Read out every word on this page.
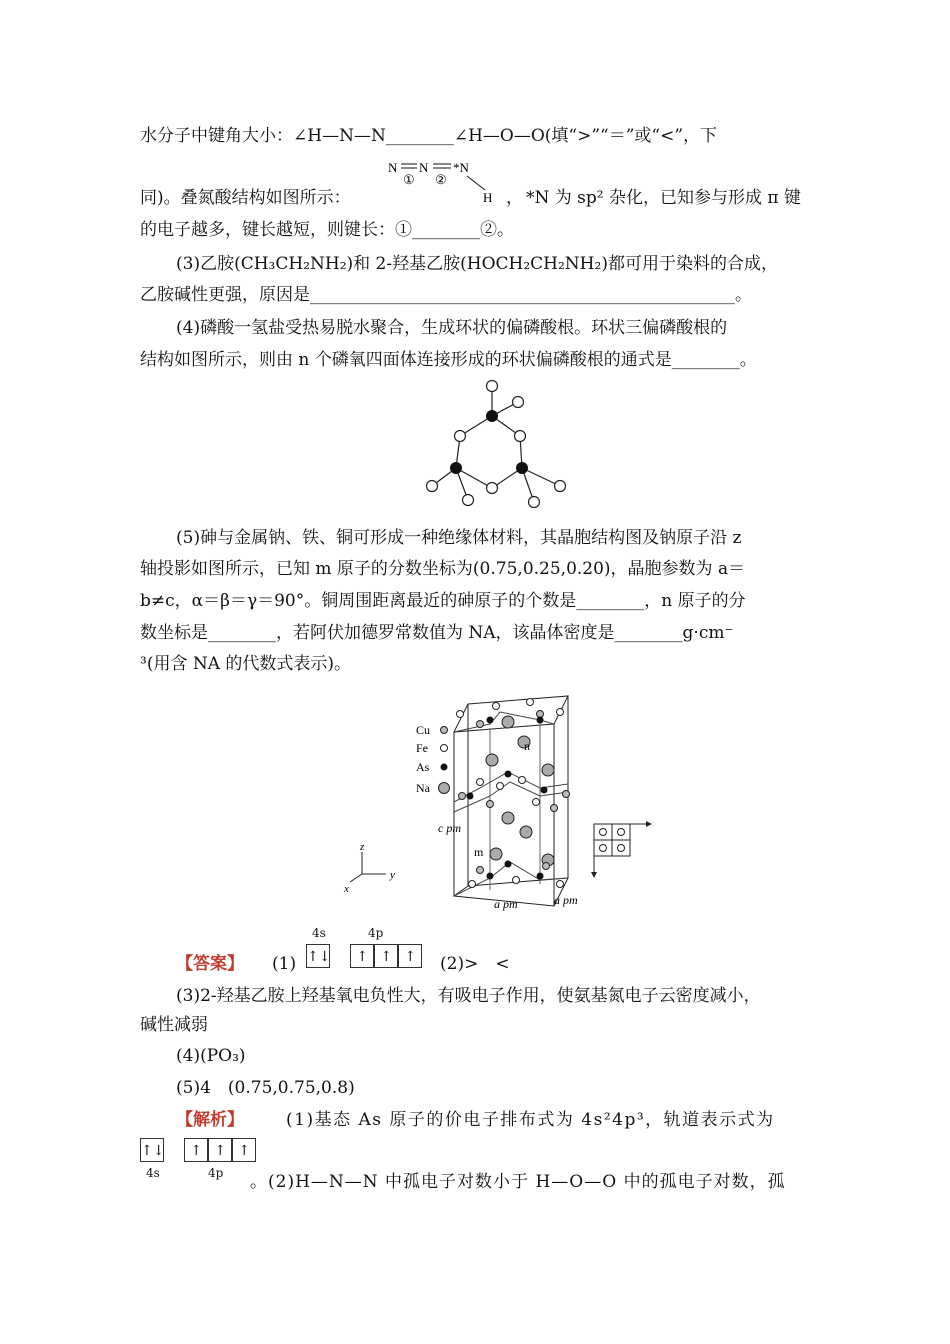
水分子中键角大小：∠H—N—N________∠H—O—O(填“>”“＝”或“<”，下
N
①
N
②
*N
H
同)。叠氮酸结构如图所示：	， *N 为 sp² 杂化，已知参与形成 π 键
的电子越多，键长越短，则键长：①________②。
(3)乙胺(CH₃CH₂NH₂)和 2-羟基乙胺(HOCH₂CH₂NH₂)都可用于染料的合成，
乙胺碱性更强，原因是__________________________________________________。
(4)磷酸一氢盐受热易脱水聚合，生成环状的偏磷酸根。环状三偏磷酸根的
结构如图所示，则由 n 个磷氧四面体连接形成的环状偏磷酸根的通式是________。
(5)砷与金属钠、铁、铜可形成一种绝缘体材料，其晶胞结构图及钠原子沿 z
轴投影如图所示，已知 m 原子的分数坐标为(0.75,0.25,0.20)，晶胞参数为 a＝
b≠c，α＝β＝γ＝90°。铜周围距离最近的砷原子的个数是________，n 原子的分
数坐标是________，若阿伏加德罗常数值为 NA，该晶体密度是________g·cm⁻
³(用含 NA 的代数式表示)。
Cu
Fe
As
Na
n
m
c pm
a pm	a pm
z
y
x
【答案】 (1)
4s	4p
↑↓ ↑ ↑ ↑	(2)>　<
(3)2-羟基乙胺上羟基氧电负性大，有吸电子作用，使氨基氮电子云密度减小，
碱性减弱
(4)(PO₃)
(5)4　(0.75,0.75,0.8)
【解析】 (1)基态 As 原子的价电子排布式为 4s²4p³，轨道表示式为
↑↓ ↑ ↑ ↑
4s	4p 。(2)H—N—N 中孤电子对数小于 H—O—O 中的孤电子对数，孤
